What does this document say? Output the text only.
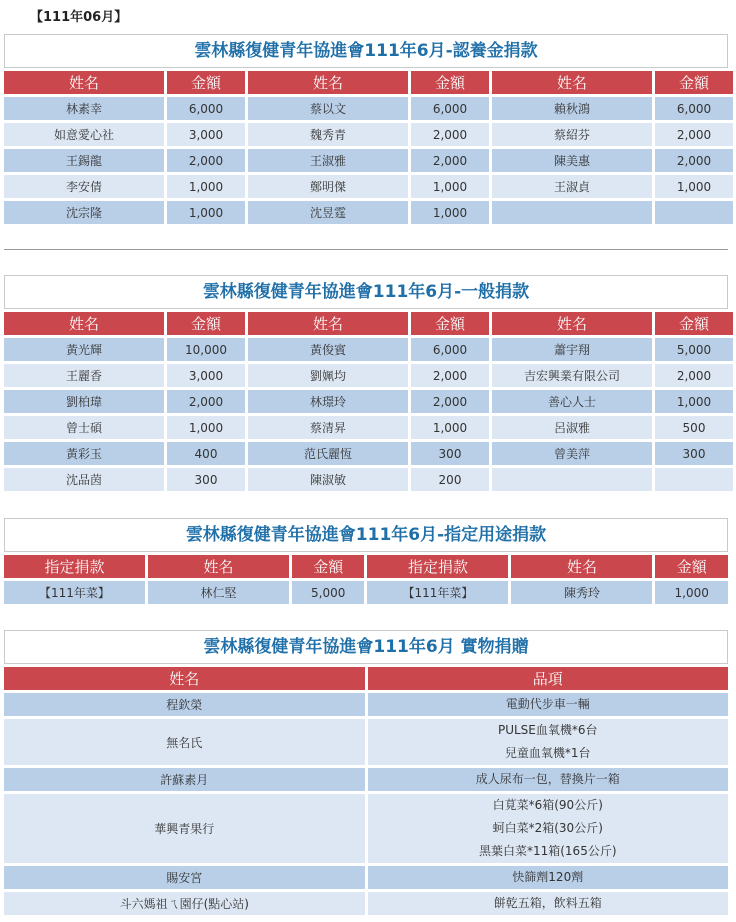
【111年06月】
雲林縣復健青年協進會111年6月-認養金捐款
姓名	金額	姓名	金額	姓名	金額
林素幸	6,000	蔡以文	6,000	賴秋鴻	6,000
如意愛心社	3,000	魏秀青	2,000	蔡紹芬	2,000
王錫龍	2,000	王淑雅	2,000	陳美惠	2,000
李安倩	1,000	鄭明傑	1,000	王淑貞	1,000
沈宗隆	1,000	沈昱霆	1,000		
雲林縣復健青年協進會111年6月-一般捐款
姓名	金額	姓名	金額	姓名	金額
黃光輝	10,000	黃俊賓	6,000	蕭宇翔	5,000
王麗香	3,000	劉姵均	2,000	吉宏興業有限公司	2,000
劉柏瑋	2,000	林璟玲	2,000	善心人士	1,000
曾士碩	1,000	蔡清昇	1,000	呂淑雅	500
黃彩玉	400	范氏麗恆	300	曾美萍	300
沈品茵	300	陳淑敏	200		
雲林縣復健青年協進會111年6月-指定用途捐款
指定捐款	姓名	金額	指定捐款	姓名	金額
【111年菜】	林仁堅	5,000	【111年菜】	陳秀玲	1,000
雲林縣復健青年協進會111年6月 實物捐贈
姓名	品項
程欽榮	電動代步車一輛

無名氏	PULSE血氧機*6台
兒童血氧機*1台

許蘇素月	成人尿布一包，替換片一箱

華興青果行	白莧菜*6箱(90公斤)
蚵白菜*2箱(30公斤)
黑葉白菜*11箱(165公斤)

賜安宮	快篩劑120劑

斗六媽祖ㄟ園仔(點心站)	餅乾五箱，飲料五箱
